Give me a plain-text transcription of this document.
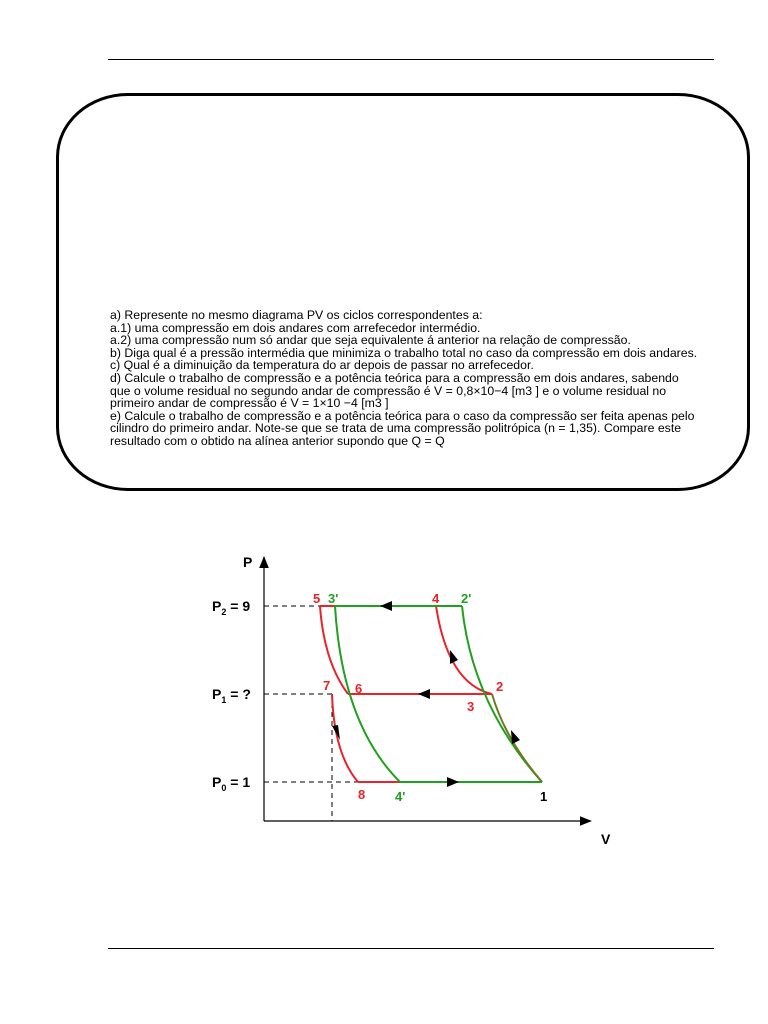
a) Represente no mesmo diagrama PV os ciclos correspondentes a:

a.1) uma compressão em dois andares com arrefecedor intermédio.

a.2) uma compressão num só andar que seja equivalente á anterior na relação de compressão.

b) Diga qual é a pressão intermédia que minimiza o trabalho total no caso da compressão em dois andares.

c) Qual é a diminuição da temperatura do ar depois de passar no arrefecedor.

d) Calcule o trabalho de compressão e a potência teórica para a compressão em dois andares, sabendo

que o volume residual no segundo andar de compressão é V = 0,8×10−4 [m3 ] e o volume residual no

primeiro andar de compressão é V = 1×10 −4 [m3 ]

e) Calcule o trabalho de compressão e a potência teórica para o caso da compressão ser feita apenas pelo

cilindro do primeiro andar. Note-se que se trata de uma compressão politrópica (n = 1,35). Compare este

resultado com o obtido na alínea anterior supondo que Q = Q

P
V
$P_2 = 9$
$P_1$ = ?
$P_0 = 1$
5 3'	4 2'
7 6	2
3
8 4'	1
